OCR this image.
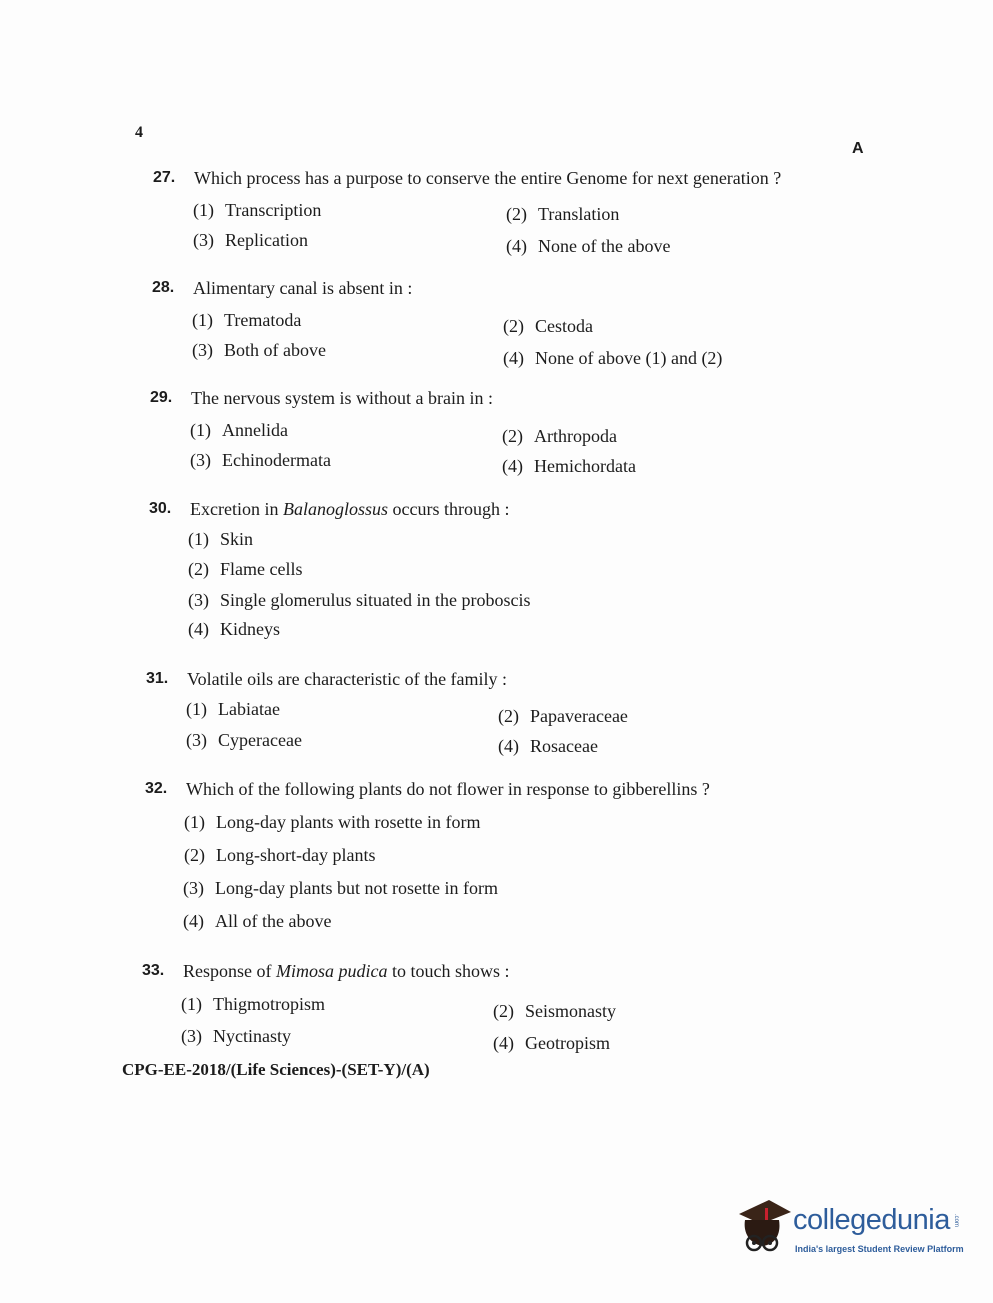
4
A
27. Which process has a purpose to conserve the entire Genome for next generation ?
(1) Transcription	(2) Translation
(3) Replication	(4) None of the above
28. Alimentary canal is absent in :
(1) Trematoda	(2) Cestoda
(3) Both of above	(4) None of above (1) and (2)
29. The nervous system is without a brain in :
(1) Annelida	(2) Arthropoda
(3) Echinodermata	(4) Hemichordata
30. Excretion in Balanoglossus occurs through :
(1) Skin
(2) Flame cells
(3) Single glomerulus situated in the proboscis
(4) Kidneys
31. Volatile oils are characteristic of the family :
(1) Labiatae	(2) Papaveraceae
(3) Cyperaceae	(4) Rosaceae
32. Which of the following plants do not flower in response to gibberellins ?
(1) Long-day plants with rosette in form
(2) Long-short-day plants
(3) Long-day plants but not rosette in form
(4) All of the above
33. Response of Mimosa pudica to touch shows :
(1) Thigmotropism	(2) Seismonasty
(3) Nyctinasty	(4) Geotropism
CPG-EE-2018/(Life Sciences)-(SET-Y)/(A)
collegedunia .com
India's largest Student Review Platform
